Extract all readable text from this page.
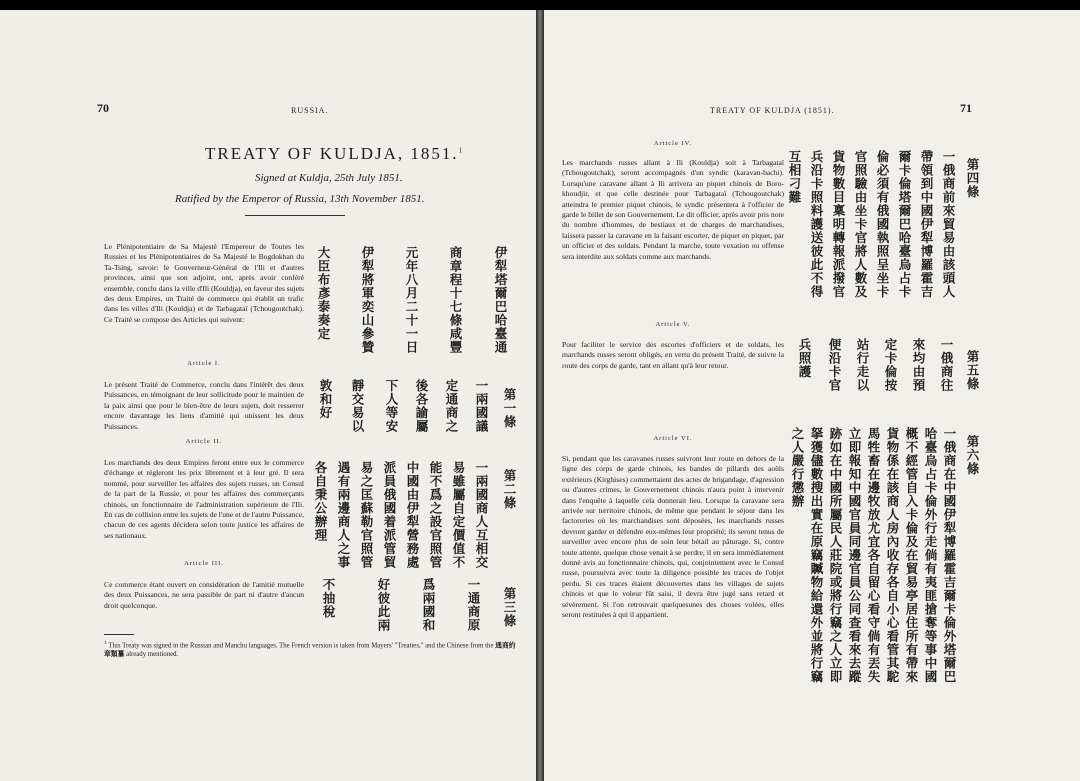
70	RUSSIA.
TREATY OF KULDJA, 1851.$^1$
Signed at Kuldja, 25th July 1851.
Ratified by the Emperor of Russia, 13th November 1851.

Le Plénipotentiaire de Sa Majesté l'Empereur de Toutes les Russies et les Plénipotentiaires de Sa Majesté le Bogdokhan du Ta-Tsing, savoir: le Gouverneur-Général de l'Ili et d'autres provinces, ainsi que son adjoint, ont, après avoir conféré ensemble, conclu dans la ville d'Ili (Kouldja), en faveur des sujets des deux Empires, un Traité de commerce qui établit un trafic dans les villes d'Ili (Kouldja) et de Tarbagataï (Tchougoutchak). Ce Traité se compose des Articles qui suivent:

Article I.

Le présent Traité de Commerce, conclu dans l'intérêt des deux Puissances, en témoignant de leur sollicitude pour le maintien de la paix ainsi que pour le bien-être de leurs sujets, doit resserrer encore davantage les liens d'amitié qui unissent les deux Puissances.

Article II.

Les marchands des deux Empires feront entre eux le commerce d'échange et régleront les prix librement et à leur gré. Il sera nommé, pour surveiller les affaires des sujets russes, un Consul de la part de la Russie, et pour les affaires des commerçants chinois, un fonctionnaire de l'administration supérieure de l'Ili. En cas de collision entre les sujets de l'une et de l'autre Puissance, chacun de ces agents décidera selon toute justice les affaires de ses nationaux.

Article III.

Ce commerce étant ouvert en considération de l'amitié mutuelle des deux Puissances, ne sera passible de part ni d'autre d'aucun droit quelconque.

伊犁塔爾巴哈臺通
商章程十七條咸豐
元年八月二十一日
伊犁將軍奕山參贊
大臣布彥泰奏定
第一條
一兩國議
定通商之
後各諭屬
下人等安
靜交易以
敦和好
第二條
一兩國商人互相交
易雖屬自定價值不
能不爲之設官照管
中國由伊犁營務處
派員俄國着派管貿
易之匡蘇勒官照管
遇有兩邊商人之事
各自秉公辦理
第三條
一通商原
爲兩國和
好彼此兩
不抽稅
$^1$ This Treaty was signed in the Russian and Manchu languages. The French version is taken from Mayers' "Treaties," and the Chinese from the 通商約章類纂 already mentioned.
TREATY OF KULDJA (1851).	71
Article IV.

Les marchands russes allant à Ili (Kouldja) soit à Tarbagataï (Tchougoutchak), seront accompagnés d'un syndic (karavan-bachi). Lorsqu'une caravane allant à Ili arrivera au piquet chinois de Boro-khoudjir, et que celle destinée pour Tarbagataï (Tchougoutchak) atteindra le premier piquet chinois, le syndic présentera à l'officier de garde le billet de son Gouvernement. Le dit officier, après avoir pris note du nombre d'hommes, de bestiaux et de charges de marchandises, laissera passer la caravane en la faisant escorter, de piquet en piquet, par un officier et des soldats. Pendant la marche, toute vexation ou offense sera interdite aux soldats comme aux marchands.

Article V.

Pour faciliter le service des escortes d'officiers et de soldats, les marchands russes seront obligés, en vertu du présent Traité, de suivre la route des corps de garde, tant en allant qu'à leur retour.

Article VI.

Si, pendant que les caravanes russes suivront leur route en dehors de la ligne des corps de garde chinois, les bandes de pillards des aoûls extérieurs (Kirghises) commettaient des actes de brigandage, d'agression ou d'autres crimes, le Gouvernement chinois n'aura point à intervenir dans l'enquête à laquelle cela donnerait lieu. Lorsque la caravane sera arrivée sur territoire chinois, de même que pendant le séjour dans les factoreries où les marchandises sont déposées, les marchands russes devront garder et défendre eux-mêmes leur propriété; ils seront tenus de surveiller avec encore plus de soin leur bétail au pâturage. Si, contre toute attente, quelque chose venait à se perdre, il en sera immédiatement donné avis au fonctionnaire chinois, qui, conjointement avec le Consul russe, poursuivra avec toute la diligence possible les traces de l'objet perdu. Si ces traces étaient découvertes dans les villages de sujets chinois et que le voleur fût saisi, il devra être jugé sans retard et sévèrement. Si l'on retrouvait quelquesunes des choses volées, elles seront restituées à qui il appartient.

第四條
一俄商前來貿易由該頭人
帶領到中國伊犁博羅霍吉
爾卡倫塔爾巴哈臺烏占卡
倫必須有俄國執照呈坐卡
官照驗由坐卡官將人數及
貨物數目稟明轉報派撥官
兵沿卡照料護送彼此不得
互相刁難
第五條
一俄商往
來均由預
定卡倫按
站行走以
便沿卡官
兵照護
第六條
一俄商在中國伊犁博羅霍吉爾卡倫外塔爾巴
哈臺烏占卡倫外行走倘有夷匪搶奪等事中國
概不經管自入卡倫及在貿易亭居住所有帶來
貨物係在該商人房內收存各自小心看管其駝
馬牲畜在邊牧放尤宜各自留心看守倘有丟失
立即報知中國官員同邊官員公同查看來去蹤
跡如在中國所屬民人莊院或將行竊之人立即
拏獲儘數搜出實在原竊贓物給還外並將行竊
之人嚴行懲辦
